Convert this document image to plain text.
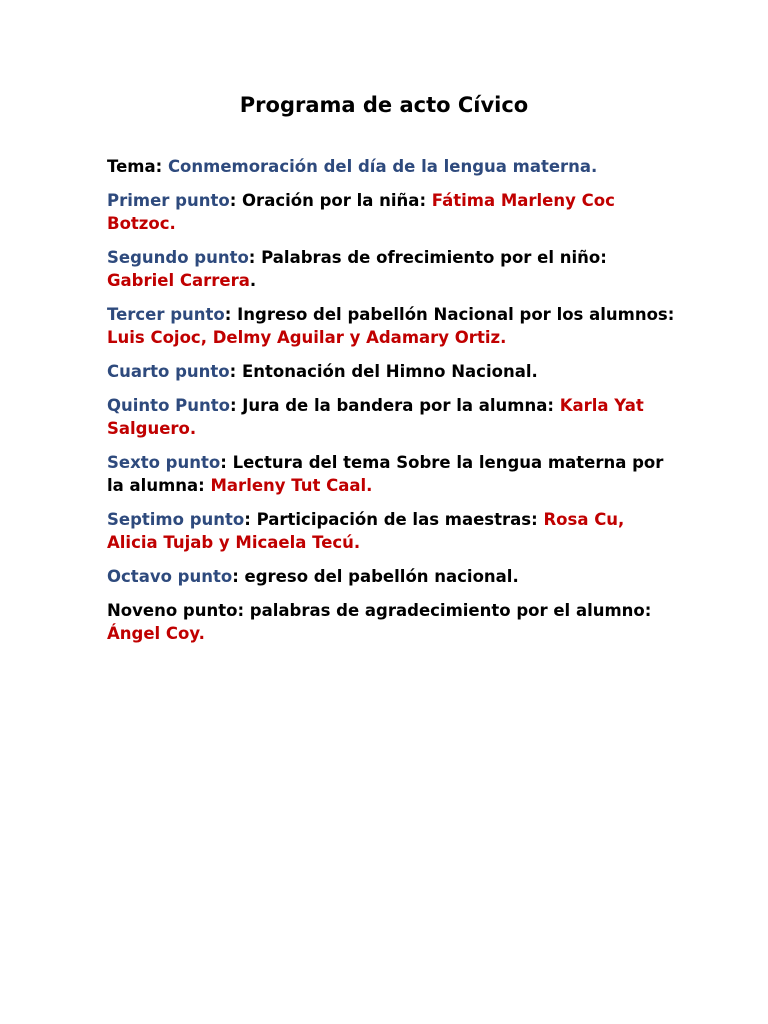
Programa de acto Cívico

Tema: Conmemoración del día de la lengua materna.

Primer punto: Oración por la niña: Fátima Marleny Coc Botzoc.

Segundo punto: Palabras de ofrecimiento por el niño: Gabriel Carrera.

Tercer punto: Ingreso del pabellón Nacional por los alumnos: Luis Cojoc, Delmy Aguilar y Adamary Ortiz.

Cuarto punto: Entonación del Himno Nacional.

Quinto Punto: Jura de la bandera por la alumna: Karla Yat Salguero.

Sexto punto: Lectura del tema Sobre la lengua materna por la alumna: Marleny Tut Caal.

Septimo punto: Participación de las maestras: Rosa Cu, Alicia Tujab y Micaela Tecú.

Octavo punto: egreso del pabellón nacional.

Noveno punto: palabras de agradecimiento por el alumno: Ángel Coy.
